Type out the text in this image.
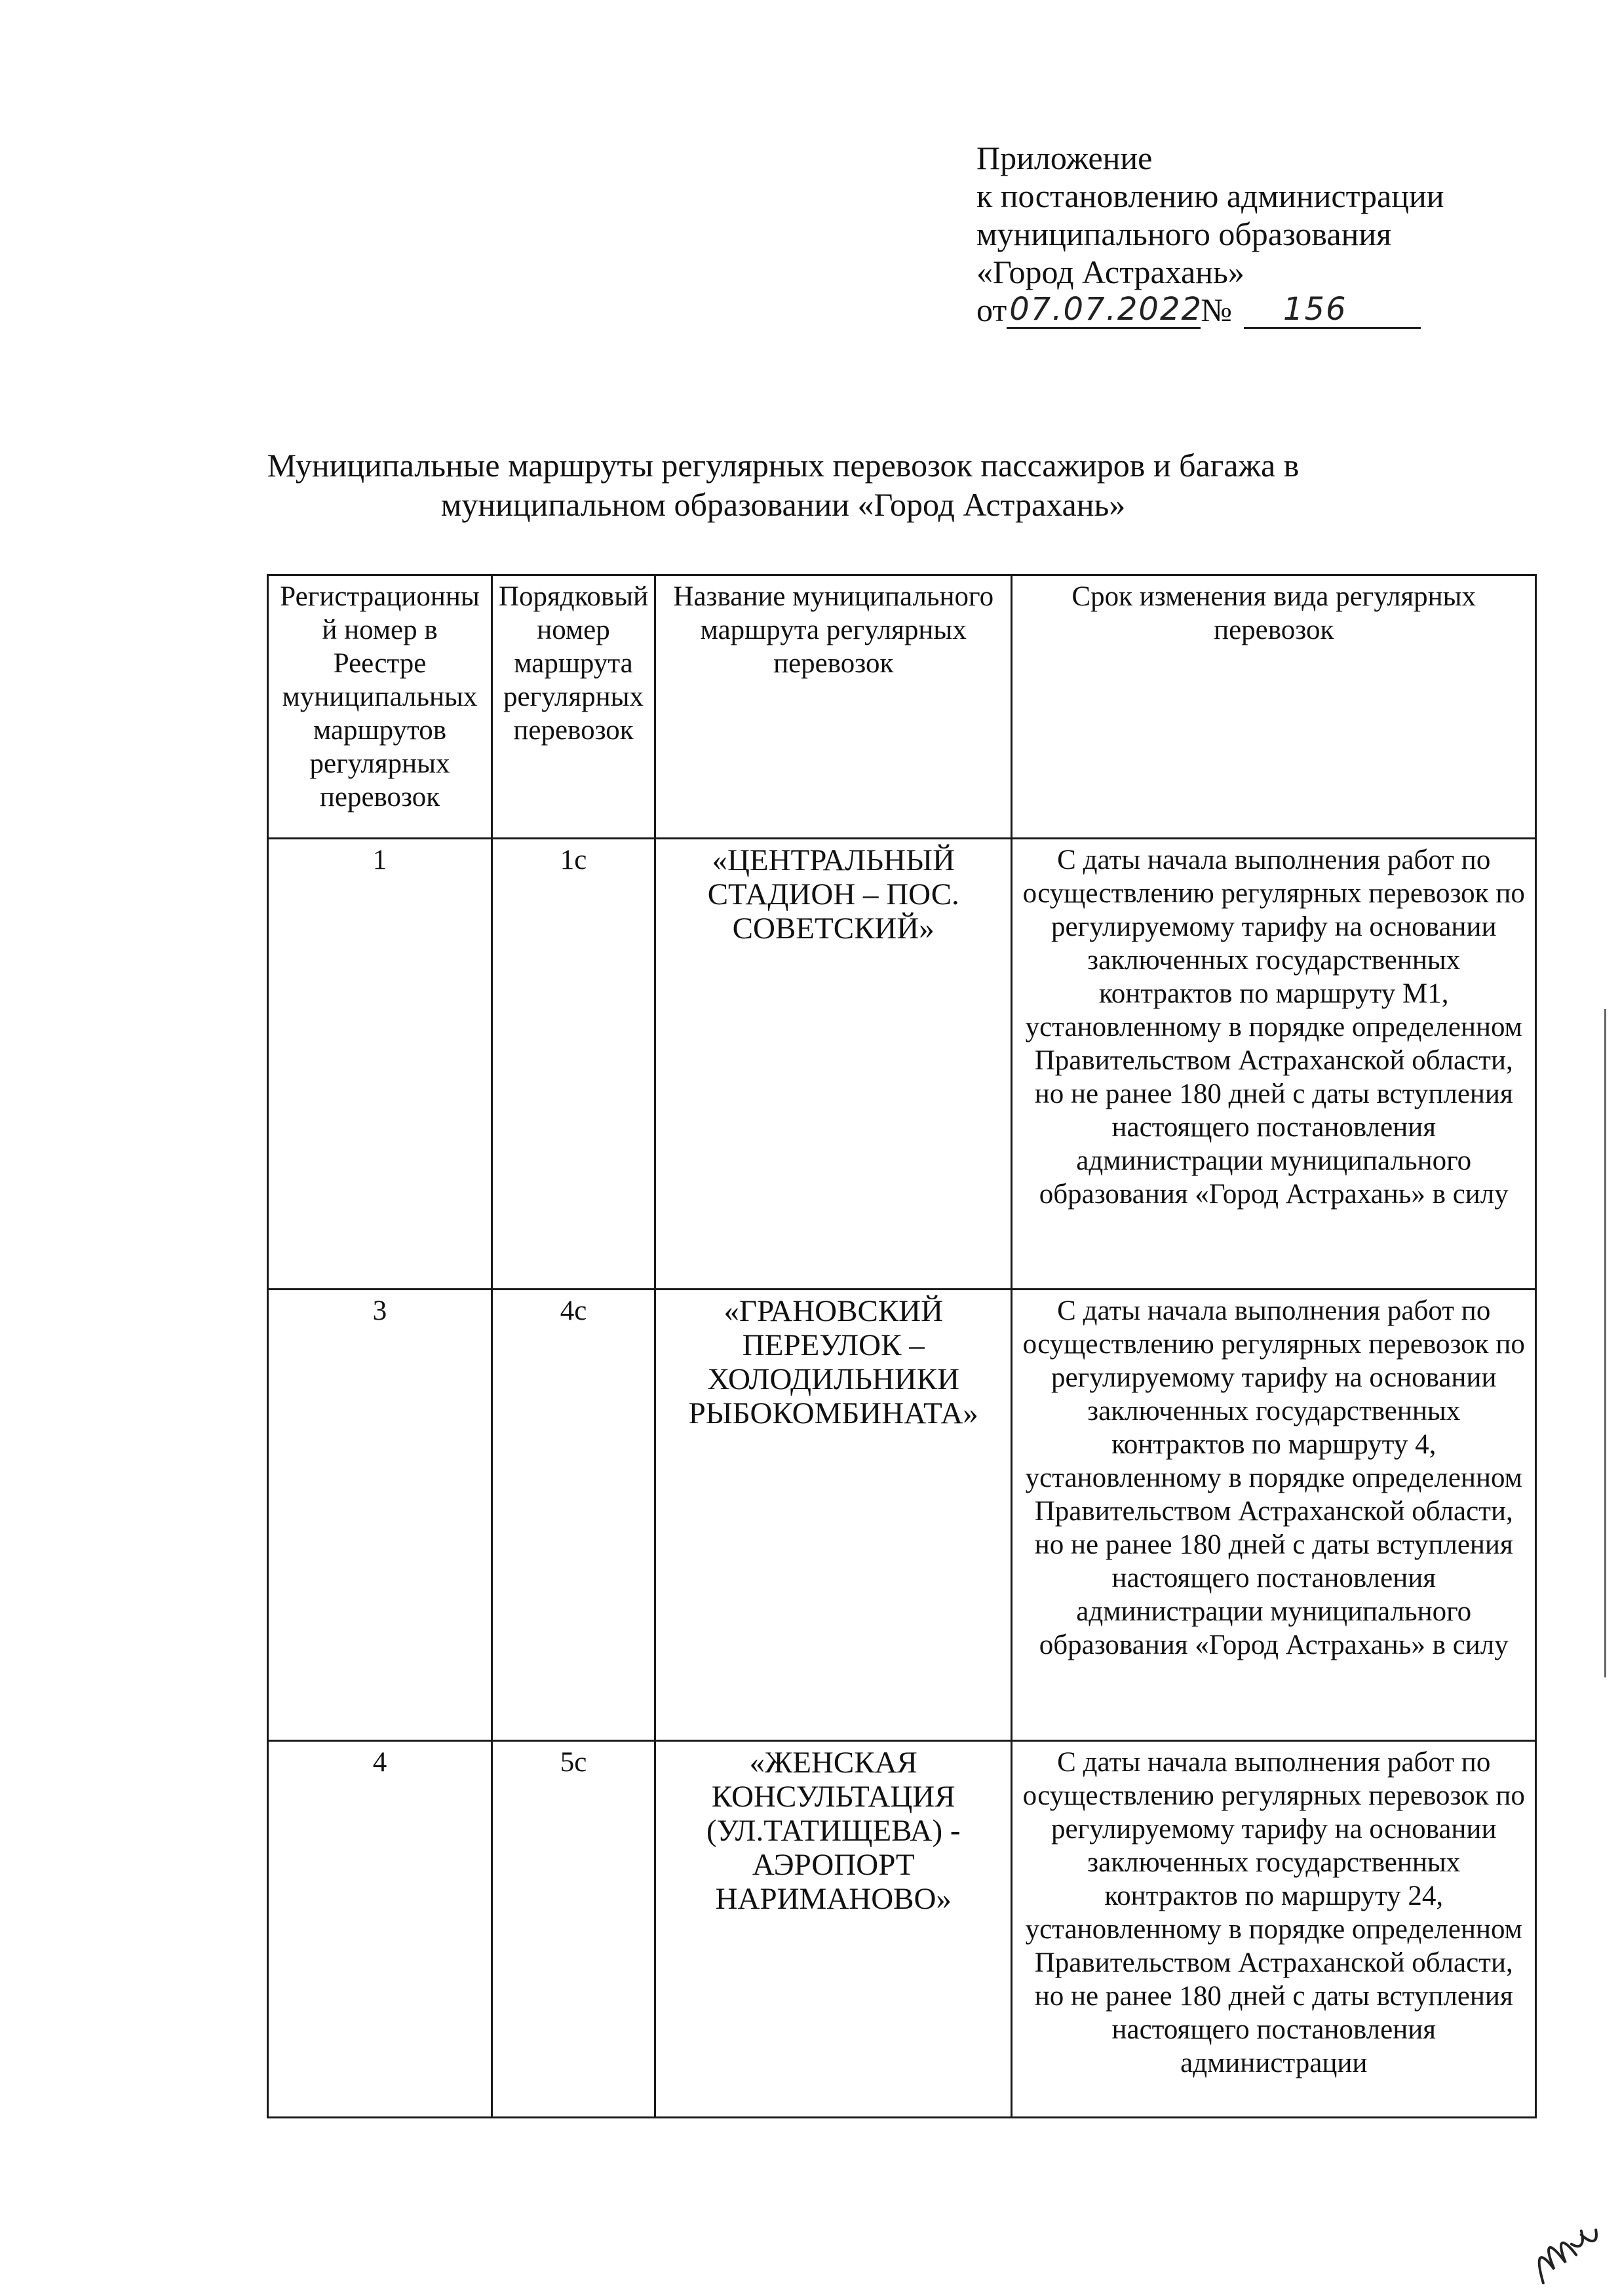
Приложение
к постановлению администрации
муниципального образования
«Город Астрахань»
от 07.07.2022
№	156
Муниципальные маршруты регулярных перевозок пассажиров и багажа в муниципальном образовании «Город Астрахань»
Регистрационный номер в Реестре муниципальных маршрутов регулярных перевозок	Порядковый номер маршрута регулярных перевозок	Название муниципального маршрута регулярных перевозок	Срок изменения вида регулярных перевозок
1	1с	«ЦЕНТРАЛЬНЫЙ СТАДИОН – ПОС. СОВЕТСКИЙ»	С даты начала выполнения работ по осуществлению регулярных перевозок по регулируемому тарифу на основании заключенных государственных контрактов по маршруту М1, установленному в порядке определенном Правительством Астраханской области, но не ранее 180 дней с даты вступления настоящего постановления администрации муниципального образования «Город Астрахань» в силу
3	4с	«ГРАНОВСКИЙ ПЕРЕУЛОК – ХОЛОДИЛЬНИКИ РЫБОКОМБИНАТА»	С даты начала выполнения работ по осуществлению регулярных перевозок по регулируемому тарифу на основании заключенных государственных контрактов по маршруту 4, установленному в порядке определенном Правительством Астраханской области, но не ранее 180 дней с даты вступления настоящего постановления администрации муниципального образования «Город Астрахань» в силу
4	5с	«ЖЕНСКАЯ КОНСУЛЬТАЦИЯ (УЛ.ТАТИЩЕВА) - АЭРОПОРТ НАРИМАНОВО»	С даты начала выполнения работ по осуществлению регулярных перевозок по регулируемому тарифу на основании заключенных государственных контрактов по маршруту 24, установленному в порядке определенном Правительством Астраханской области, но не ранее 180 дней с даты вступления настоящего постановления администрации
